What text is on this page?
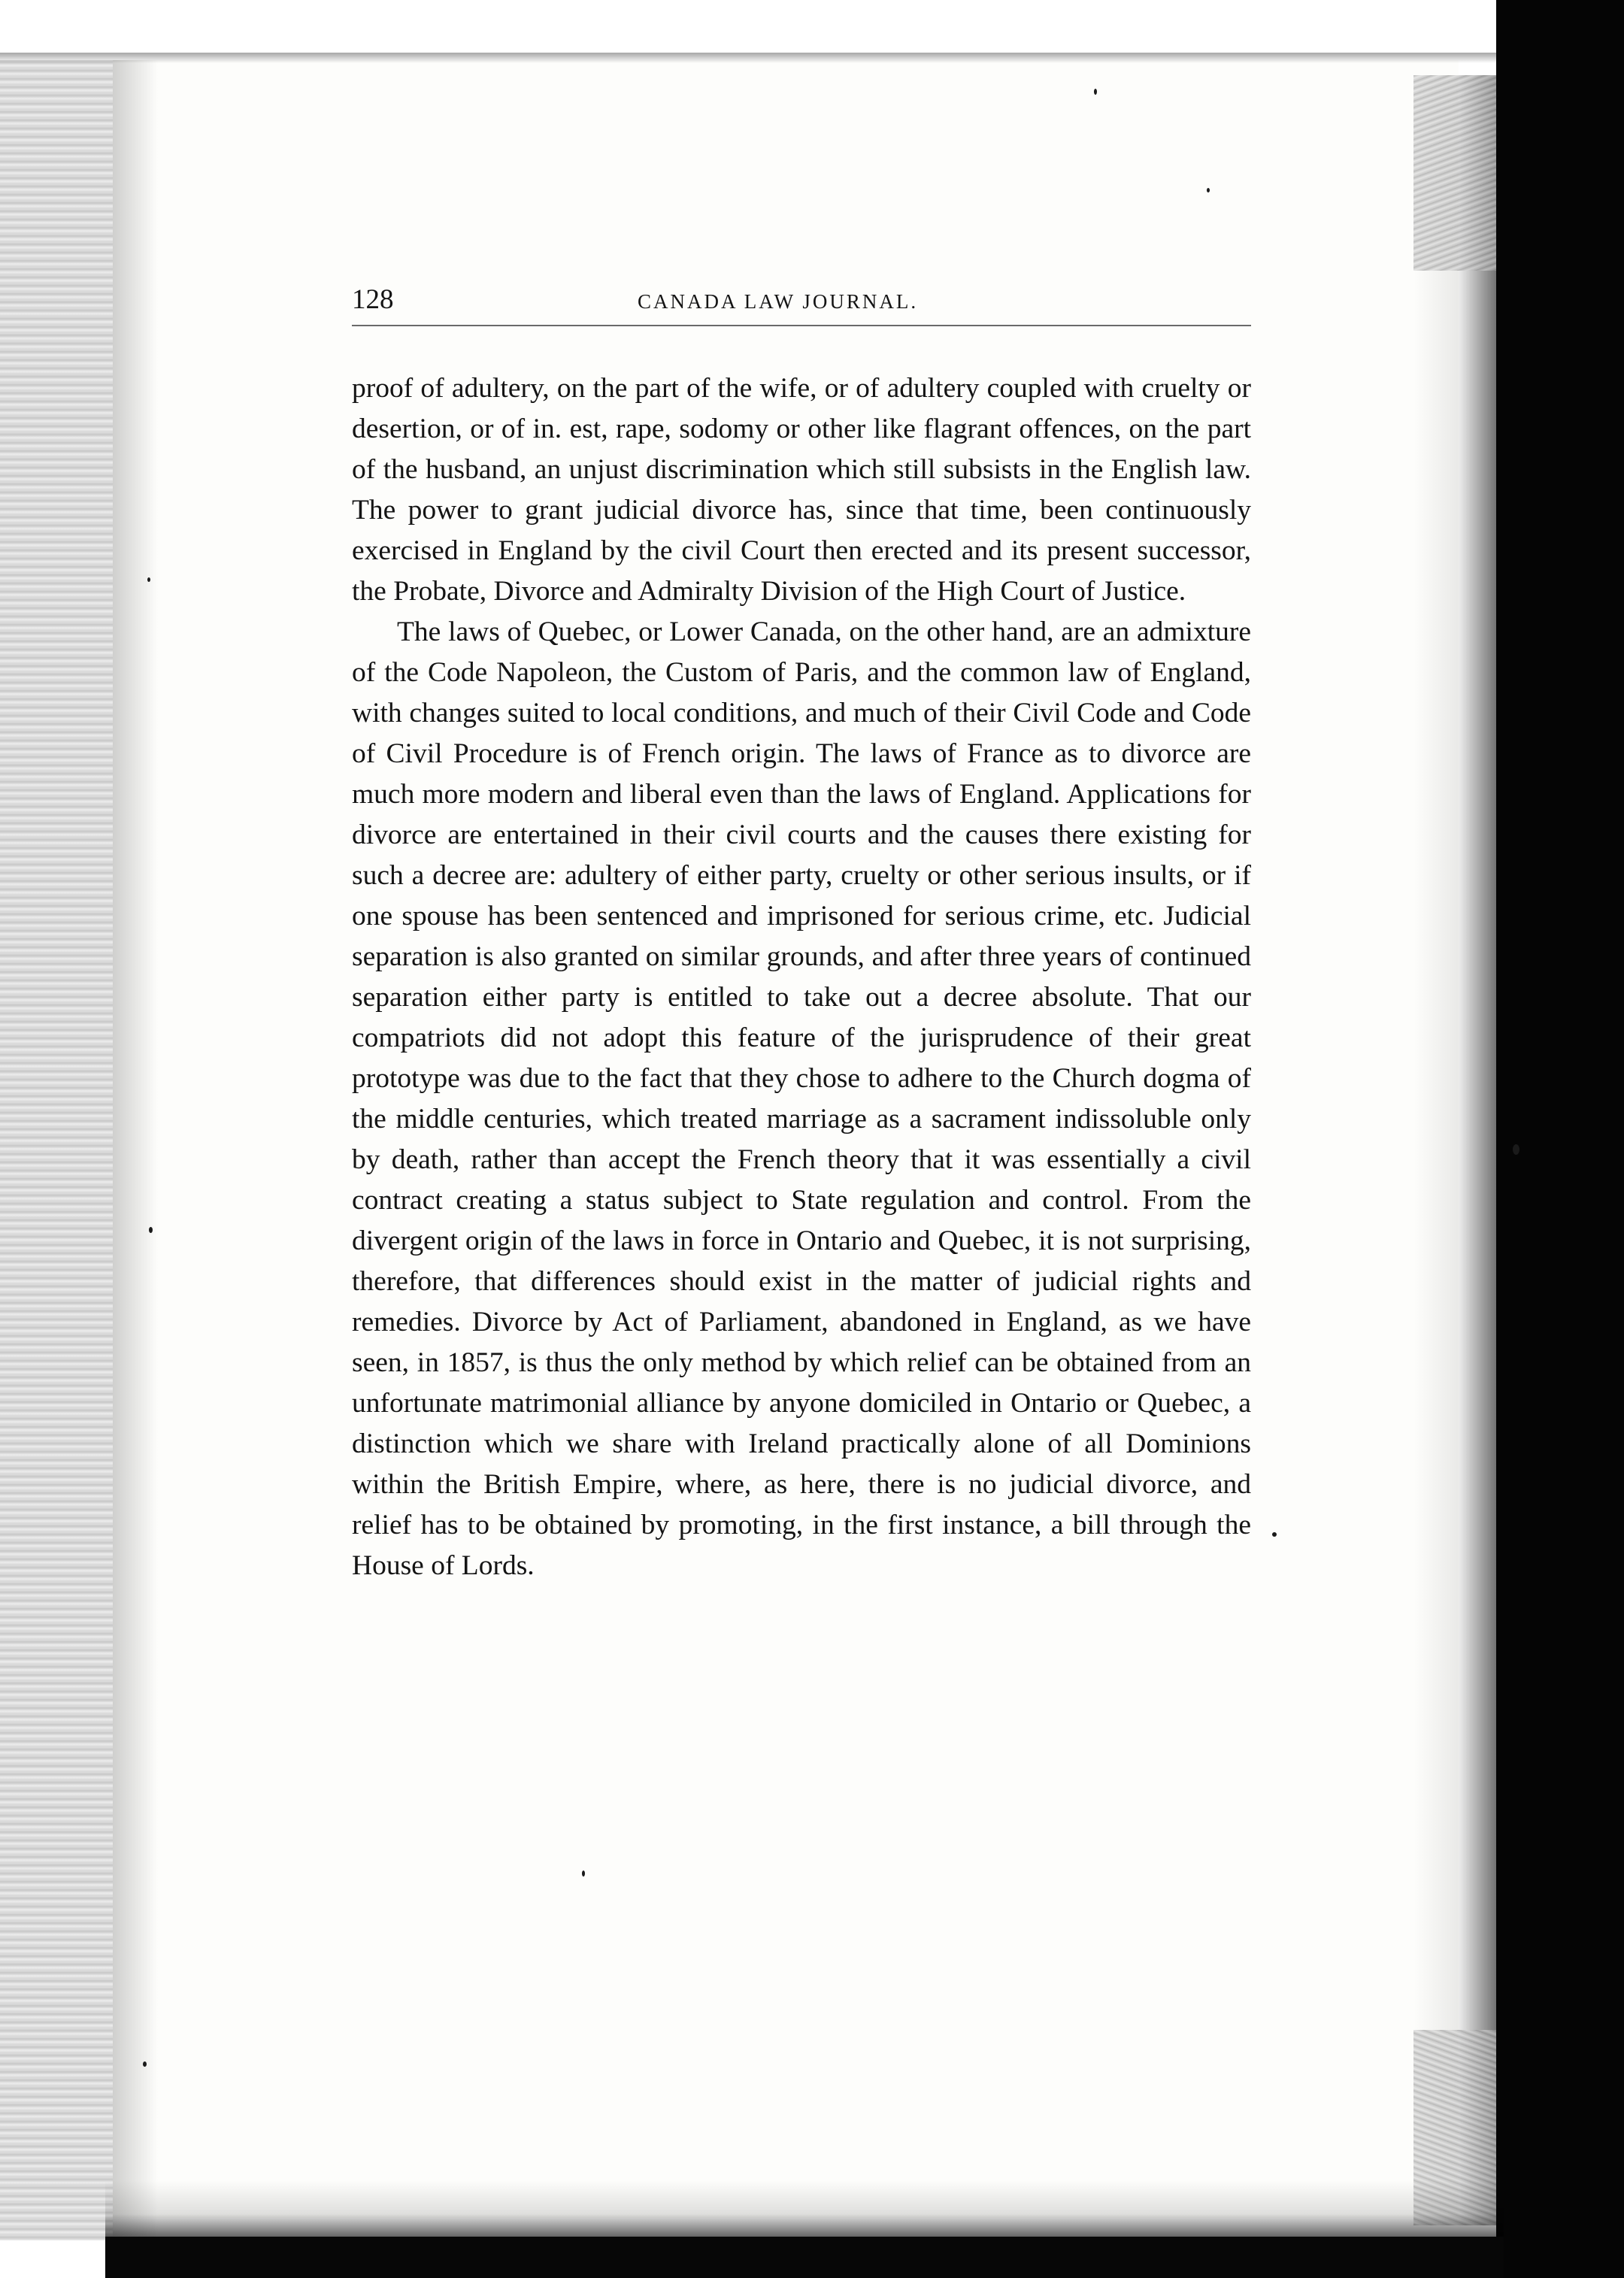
128	CANADA LAW JOURNAL.

proof of adultery, on the part of the wife, or of adultery coupled with cruelty or desertion, or of in. est, rape, sodomy or other like flagrant offences, on the part of the husband, an unjust discrimination which still subsists in the English law. The power to grant judicial divorce has, since that time, been continuously exercised in England by the civil Court then erected and its present successor, the Probate, Divorce and Admiralty Division of the High Court of Justice.

The laws of Quebec, or Lower Canada, on the other hand, are an admixture of the Code Napoleon, the Custom of Paris, and the common law of England, with changes suited to local conditions, and much of their Civil Code and Code of Civil Procedure is of French origin. The laws of France as to divorce are much more modern and liberal even than the laws of England. Applications for divorce are entertained in their civil courts and the causes there existing for such a decree are: adultery of either party, cruelty or other serious insults, or if one spouse has been sentenced and imprisoned for serious crime, etc. Judicial separation is also granted on similar grounds, and after three years of continued separation either party is entitled to take out a decree absolute. That our compatriots did not adopt this feature of the jurisprudence of their great prototype was due to the fact that they chose to adhere to the Church dogma of the middle centuries, which treated marriage as a sacrament indissoluble only by death, rather than accept the French theory that it was essentially a civil contract creating a status subject to State regulation and control. From the divergent origin of the laws in force in Ontario and Quebec, it is not surprising, therefore, that differences should exist in the matter of judicial rights and remedies. Divorce by Act of Parliament, abandoned in England, as we have seen, in 1857, is thus the only method by which relief can be obtained from an unfortunate matrimonial alliance by anyone domiciled in Ontario or Quebec, a distinction which we share with Ireland practically alone of all Dominions within the British Empire, where, as here, there is no judicial divorce, and relief has to be obtained by promoting, in the first instance, a bill through the House of Lords.
